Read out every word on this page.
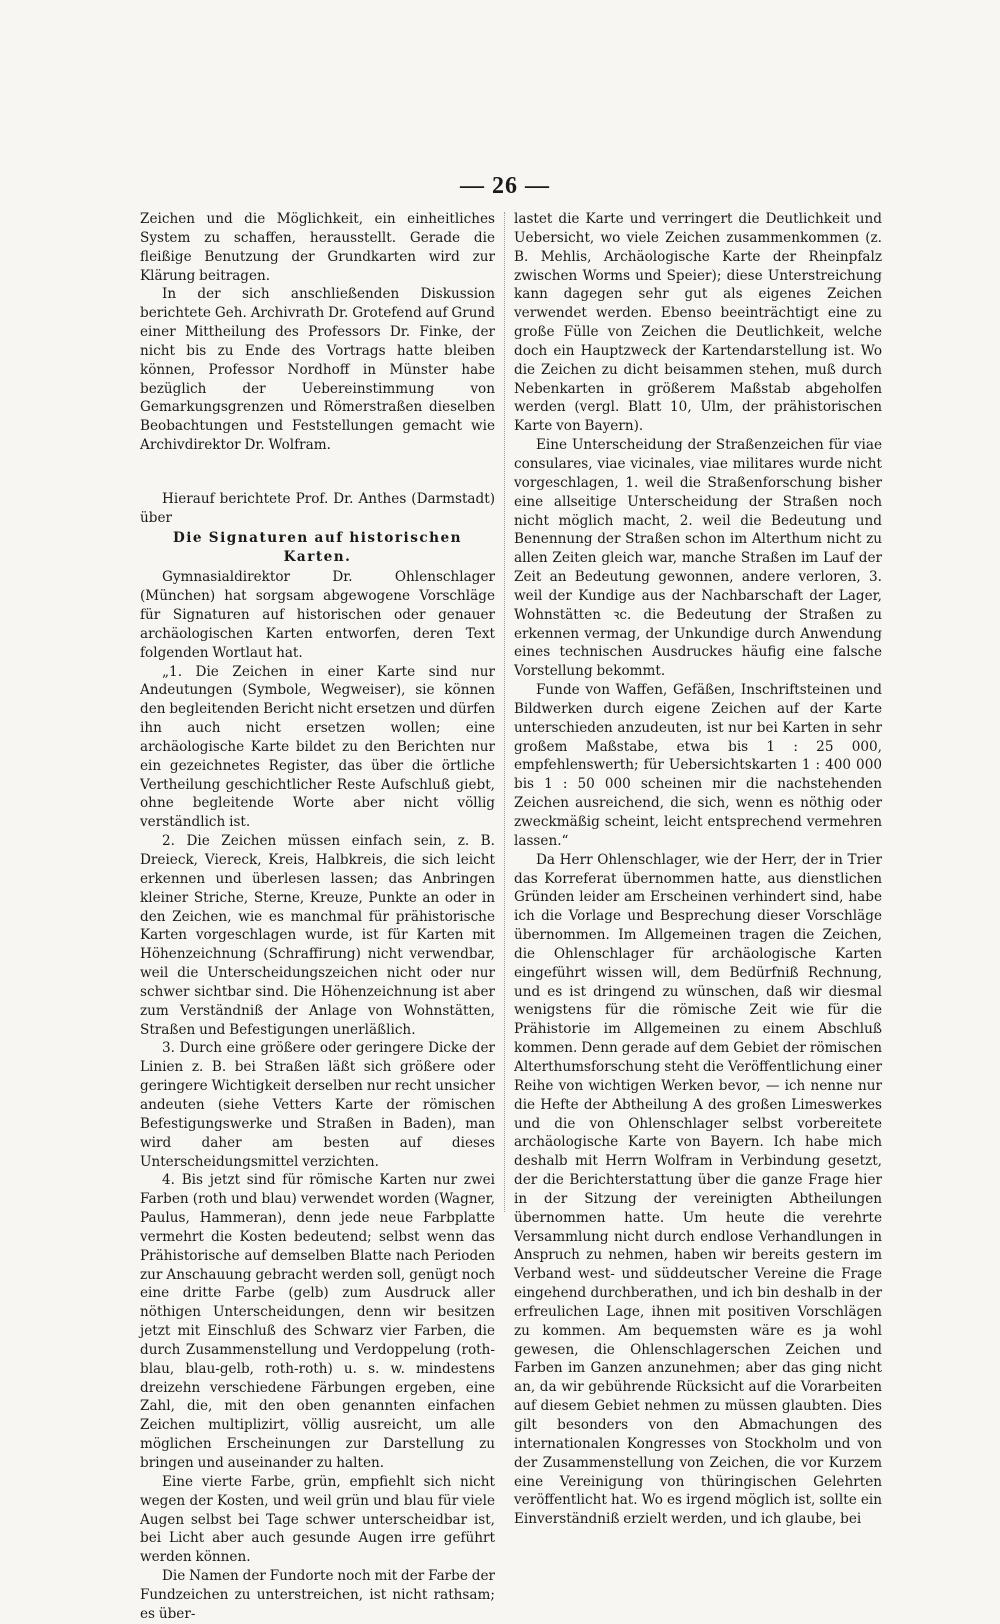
— 26 —

Zeichen und die Möglichkeit, ein einheitliches System zu schaffen, herausstellt. Gerade die fleißige Benutzung der Grundkarten wird zur Klärung beitragen.

In der sich anschließenden Diskussion berichtete Geh. Archivrath Dr. Grotefend auf Grund einer Mittheilung des Professors Dr. Finke, der nicht bis zu Ende des Vortrags hatte bleiben können, Professor Nordhoff in Münster habe bezüglich der Uebereinstimmung von Gemarkungsgrenzen und Römerstraßen dieselben Beobachtungen und Feststellungen gemacht wie Archivdirektor Dr. Wolfram.

Hierauf berichtete Prof. Dr. Anthes (Darmstadt) über

Die Signaturen auf historischen Karten.

Gymnasialdirektor Dr. Ohlenschlager (München) hat sorgsam abgewogene Vorschläge für Signaturen auf historischen oder genauer archäologischen Karten entworfen, deren Text folgenden Wortlaut hat.

„1. Die Zeichen in einer Karte sind nur Andeutungen (Symbole, Wegweiser), sie können den begleitenden Bericht nicht ersetzen und dürfen ihn auch nicht ersetzen wollen; eine archäologische Karte bildet zu den Berichten nur ein gezeichnetes Register, das über die örtliche Vertheilung geschichtlicher Reste Aufschluß giebt, ohne begleitende Worte aber nicht völlig verständlich ist.

2. Die Zeichen müssen einfach sein, z. B. Dreieck, Viereck, Kreis, Halbkreis, die sich leicht erkennen und überlesen lassen; das Anbringen kleiner Striche, Sterne, Kreuze, Punkte an oder in den Zeichen, wie es manchmal für prähistorische Karten vorgeschlagen wurde, ist für Karten mit Höhenzeichnung (Schraffirung) nicht verwendbar, weil die Unterscheidungszeichen nicht oder nur schwer sichtbar sind. Die Höhenzeichnung ist aber zum Verständniß der Anlage von Wohnstätten, Straßen und Befestigungen unerläßlich.

3. Durch eine größere oder geringere Dicke der Linien z. B. bei Straßen läßt sich größere oder geringere Wichtigkeit derselben nur recht unsicher andeuten (siehe Vetters Karte der römischen Befestigungswerke und Straßen in Baden), man wird daher am besten auf dieses Unterscheidungsmittel verzichten.

4. Bis jetzt sind für römische Karten nur zwei Farben (roth und blau) verwendet worden (Wagner, Paulus, Hammeran), denn jede neue Farbplatte vermehrt die Kosten bedeutend; selbst wenn das Prähistorische auf demselben Blatte nach Perioden zur Anschauung gebracht werden soll, genügt noch eine dritte Farbe (gelb) zum Ausdruck aller nöthigen Unterscheidungen, denn wir besitzen jetzt mit Einschluß des Schwarz vier Farben, die durch Zusammenstellung und Verdoppelung (roth-blau, blau-gelb, roth-roth) u. s. w. mindestens dreizehn verschiedene Färbungen ergeben, eine Zahl, die, mit den oben genannten einfachen Zeichen multiplizirt, völlig ausreicht, um alle möglichen Erscheinungen zur Darstellung zu bringen und auseinander zu halten.

Eine vierte Farbe, grün, empfiehlt sich nicht wegen der Kosten, und weil grün und blau für viele Augen selbst bei Tage schwer unterscheidbar ist, bei Licht aber auch gesunde Augen irre geführt werden können.

Die Namen der Fundorte noch mit der Farbe der Fundzeichen zu unterstreichen, ist nicht rathsam; es über-

lastet die Karte und verringert die Deutlichkeit und Uebersicht, wo viele Zeichen zusammenkommen (z. B. Mehlis, Archäologische Karte der Rheinpfalz zwischen Worms und Speier); diese Unterstreichung kann dagegen sehr gut als eigenes Zeichen verwendet werden. Ebenso beeinträchtigt eine zu große Fülle von Zeichen die Deutlichkeit, welche doch ein Hauptzweck der Kartendarstellung ist. Wo die Zeichen zu dicht beisammen stehen, muß durch Nebenkarten in größerem Maßstab abgeholfen werden (vergl. Blatt 10, Ulm, der prähistorischen Karte von Bayern).

Eine Unterscheidung der Straßenzeichen für viae consulares, viae vicinales, viae militares wurde nicht vorgeschlagen, 1. weil die Straßenforschung bisher eine allseitige Unterscheidung der Straßen noch nicht möglich macht, 2. weil die Bedeutung und Benennung der Straßen schon im Alterthum nicht zu allen Zeiten gleich war, manche Straßen im Lauf der Zeit an Bedeutung gewonnen, andere verloren, 3. weil der Kundige aus der Nachbarschaft der Lager, Wohnstätten ꝛc. die Bedeutung der Straßen zu erkennen vermag, der Unkundige durch Anwendung eines technischen Ausdruckes häufig eine falsche Vorstellung bekommt.

Funde von Waffen, Gefäßen, Inschriftsteinen und Bildwerken durch eigene Zeichen auf der Karte unterschieden anzudeuten, ist nur bei Karten in sehr großem Maßstabe, etwa bis 1 : 25 000, empfehlenswerth; für Uebersichtskarten 1 : 400 000 bis 1 : 50 000 scheinen mir die nachstehenden Zeichen ausreichend, die sich, wenn es nöthig oder zweckmäßig scheint, leicht entsprechend vermehren lassen.“

Da Herr Ohlenschlager, wie der Herr, der in Trier das Korreferat übernommen hatte, aus dienstlichen Gründen leider am Erscheinen verhindert sind, habe ich die Vorlage und Besprechung dieser Vorschläge übernommen. Im Allgemeinen tragen die Zeichen, die Ohlenschlager für archäologische Karten eingeführt wissen will, dem Bedürfniß Rechnung, und es ist dringend zu wünschen, daß wir diesmal wenigstens für die römische Zeit wie für die Prähistorie im Allgemeinen zu einem Abschluß kommen. Denn gerade auf dem Gebiet der römischen Alterthumsforschung steht die Veröffentlichung einer Reihe von wichtigen Werken bevor, — ich nenne nur die Hefte der Abtheilung A des großen Limeswerkes und die von Ohlenschlager selbst vorbereitete archäologische Karte von Bayern. Ich habe mich deshalb mit Herrn Wolfram in Verbindung gesetzt, der die Berichterstattung über die ganze Frage hier in der Sitzung der vereinigten Abtheilungen übernommen hatte. Um heute die verehrte Versammlung nicht durch endlose Verhandlungen in Anspruch zu nehmen, haben wir bereits gestern im Verband west- und süddeutscher Vereine die Frage eingehend durchberathen, und ich bin deshalb in der erfreulichen Lage, ihnen mit positiven Vorschlägen zu kommen. Am bequemsten wäre es ja wohl gewesen, die Ohlenschlagerschen Zeichen und Farben im Ganzen anzunehmen; aber das ging nicht an, da wir gebührende Rücksicht auf die Vorarbeiten auf diesem Gebiet nehmen zu müssen glaubten. Dies gilt besonders von den Abmachungen des internationalen Kongresses von Stockholm und von der Zusammenstellung von Zeichen, die vor Kurzem eine Vereinigung von thüringischen Gelehrten veröffentlicht hat. Wo es irgend möglich ist, sollte ein Einverständniß erzielt werden, und ich glaube, bei
